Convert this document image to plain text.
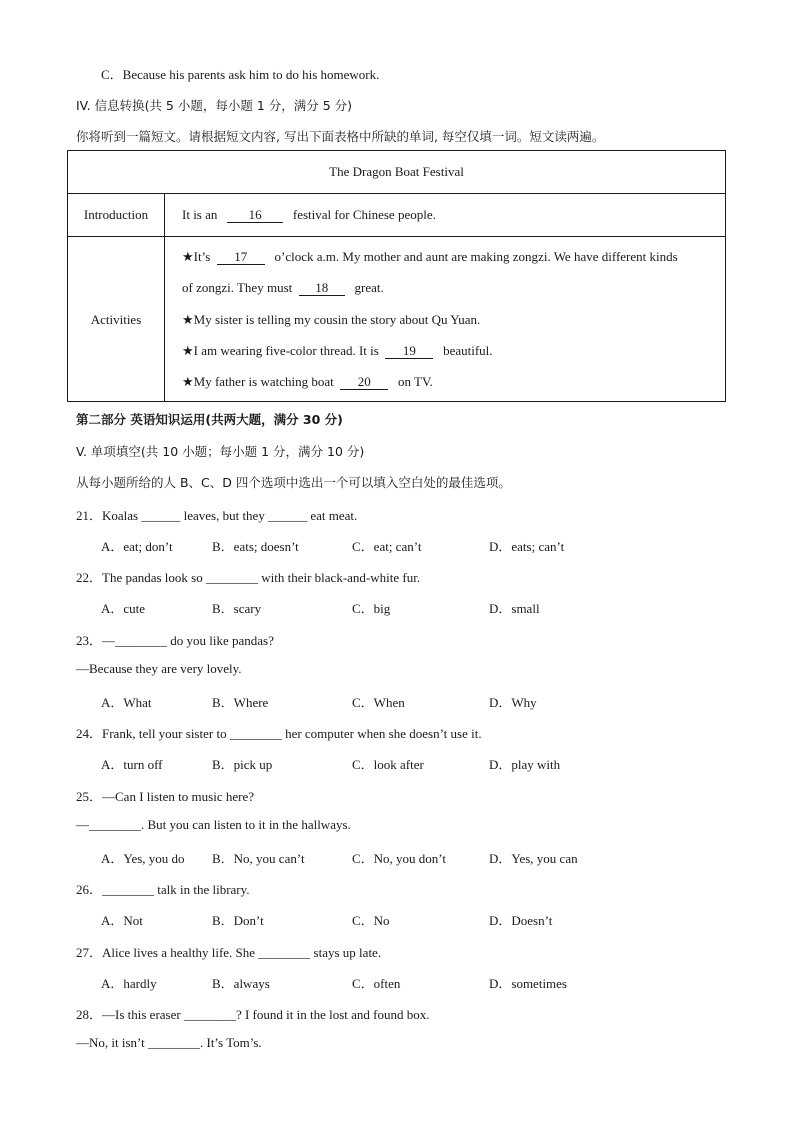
C．Because his parents ask him to do his homework.
IV. 信息转换(共 5 小题，每小题 1 分，满分 5 分)
你将听到一篇短文。请根据短文内容, 写出下面表格中所缺的单词, 每空仅填一词。短文读两遍。
The Dragon Boat Festival
Introduction	It is an 16 festival for Chinese people.
Activities
★It’s 17 o’clock a.m. My mother and aunt are making zongzi. We have different kinds
of zongzi. They must 18 great.
★My sister is telling my cousin the story about Qu Yuan.
★I am wearing five-color thread. It is 19 beautiful.
★My father is watching boat 20 on TV.
第二部分 英语知识运用(共两大题，满分 30 分)
V. 单项填空(共 10 小题；每小题 1 分，满分 10 分)
从每小题所给的人 B、C、D 四个选项中选出一个可以填入空白处的最佳选项。
21．Koalas ______ leaves, but they ______ eat meat.
A．eat; don’t	B．eats; doesn’t	C．eat; can’t	D．eats; can’t
22．The pandas look so ________ with their black-and-white fur.
A．cute	B．scary	C．big	D．small
23．—________ do you like pandas?
—Because they are very lovely.
A．What	B．Where	C．When	D．Why
24．Frank, tell your sister to ________ her computer when she doesn’t use it.
A．turn off	B．pick up	C．look after	D．play with
25．—Can I listen to music here?
—________. But you can listen to it in the hallways.
A．Yes, you do B．No, you can’t	C．No, you don’t	D．Yes, you can
26．________ talk in the library.
A．Not	B．Don’t	C．No	D．Doesn’t
27．Alice lives a healthy life. She ________ stays up late.
A．hardly	B．always	C．often	D．sometimes
28．—Is this eraser ________? I found it in the lost and found box.
—No, it isn’t ________. It’s Tom’s.
